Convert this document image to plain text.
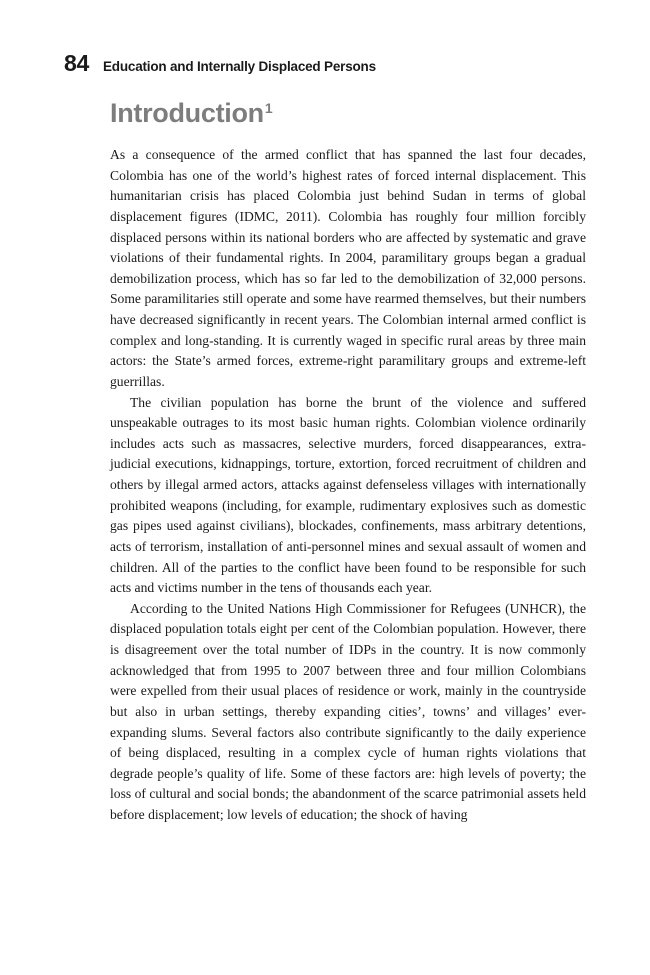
84 Education and Internally Displaced Persons
Introduction$^1$

As a consequence of the armed conflict that has spanned the last four decades, Colombia has one of the world’s highest rates of forced internal displacement. This humanitarian crisis has placed Colombia just behind Sudan in terms of global displacement figures (IDMC, 2011). Colombia has roughly four million forcibly displaced persons within its national borders who are affected by systematic and grave violations of their fundamental rights. In 2004, paramilitary groups began a gradual demobilization process, which has so far led to the demobilization of 32,000 persons. Some paramilitaries still operate and some have rearmed themselves, but their numbers have decreased significantly in recent years. The Colombian internal armed conflict is complex and long-standing. It is currently waged in specific rural areas by three main actors: the State’s armed forces, extreme-right paramilitary groups and extreme-left guerrillas.

The civilian population has borne the brunt of the violence and suffered unspeakable outrages to its most basic human rights. Colombian violence ordinarily includes acts such as massacres, selective murders, forced disappearances, extra-judicial executions, kidnappings, torture, extortion, forced recruitment of children and others by illegal armed actors, attacks against defenseless villages with internationally prohibited weapons (including, for example, rudimentary explosives such as domestic gas pipes used against civilians), blockades, confinements, mass arbitrary detentions, acts of terrorism, installation of anti-personnel mines and sexual assault of women and children. All of the parties to the conflict have been found to be responsible for such acts and victims number in the tens of thousands each year.

According to the United Nations High Commissioner for Refugees (UNHCR), the displaced population totals eight per cent of the Colombian population. However, there is disagreement over the total number of IDPs in the country. It is now commonly acknowledged that from 1995 to 2007 between three and four million Colombians were expelled from their usual places of residence or work, mainly in the countryside but also in urban settings, thereby expanding cities’, towns’ and villages’ ever-expanding slums. Several factors also contribute significantly to the daily experience of being displaced, resulting in a complex cycle of human rights violations that degrade people’s quality of life. Some of these factors are: high levels of poverty; the loss of cultural and social bonds; the abandonment of the scarce patrimonial assets held before displacement; low levels of education; the shock of having
